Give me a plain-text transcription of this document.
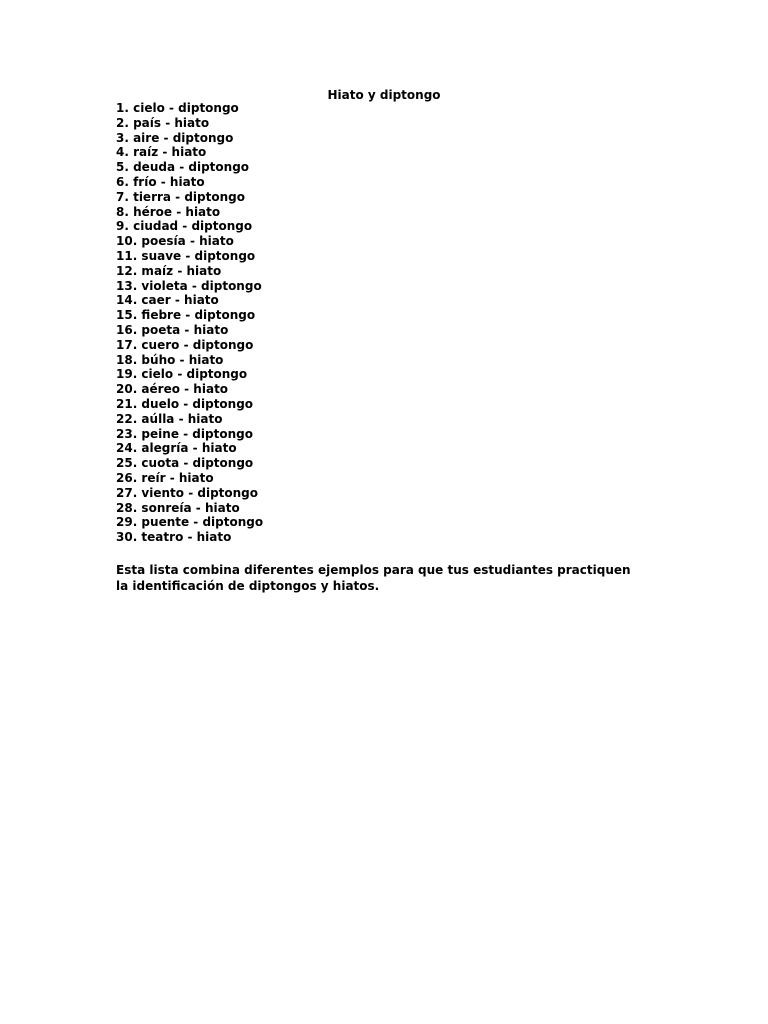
Hiato y diptongo
1. cielo - diptongo
2. país - hiato
3. aire - diptongo
4. raíz - hiato
5. deuda - diptongo
6. frío - hiato
7. tierra - diptongo
8. héroe - hiato
9. ciudad - diptongo
10. poesía - hiato
11. suave - diptongo
12. maíz - hiato
13. violeta - diptongo
14. caer - hiato
15. fiebre - diptongo
16. poeta - hiato
17. cuero - diptongo
18. búho - hiato
19. cielo - diptongo
20. aéreo - hiato
21. duelo - diptongo
22. aúlla - hiato
23. peine - diptongo
24. alegría - hiato
25. cuota - diptongo
26. reír - hiato
27. viento - diptongo
28. sonreía - hiato
29. puente - diptongo
30. teatro - hiato

Esta lista combina diferentes ejemplos para que tus estudiantes practiquen la identificación de diptongos y hiatos.
